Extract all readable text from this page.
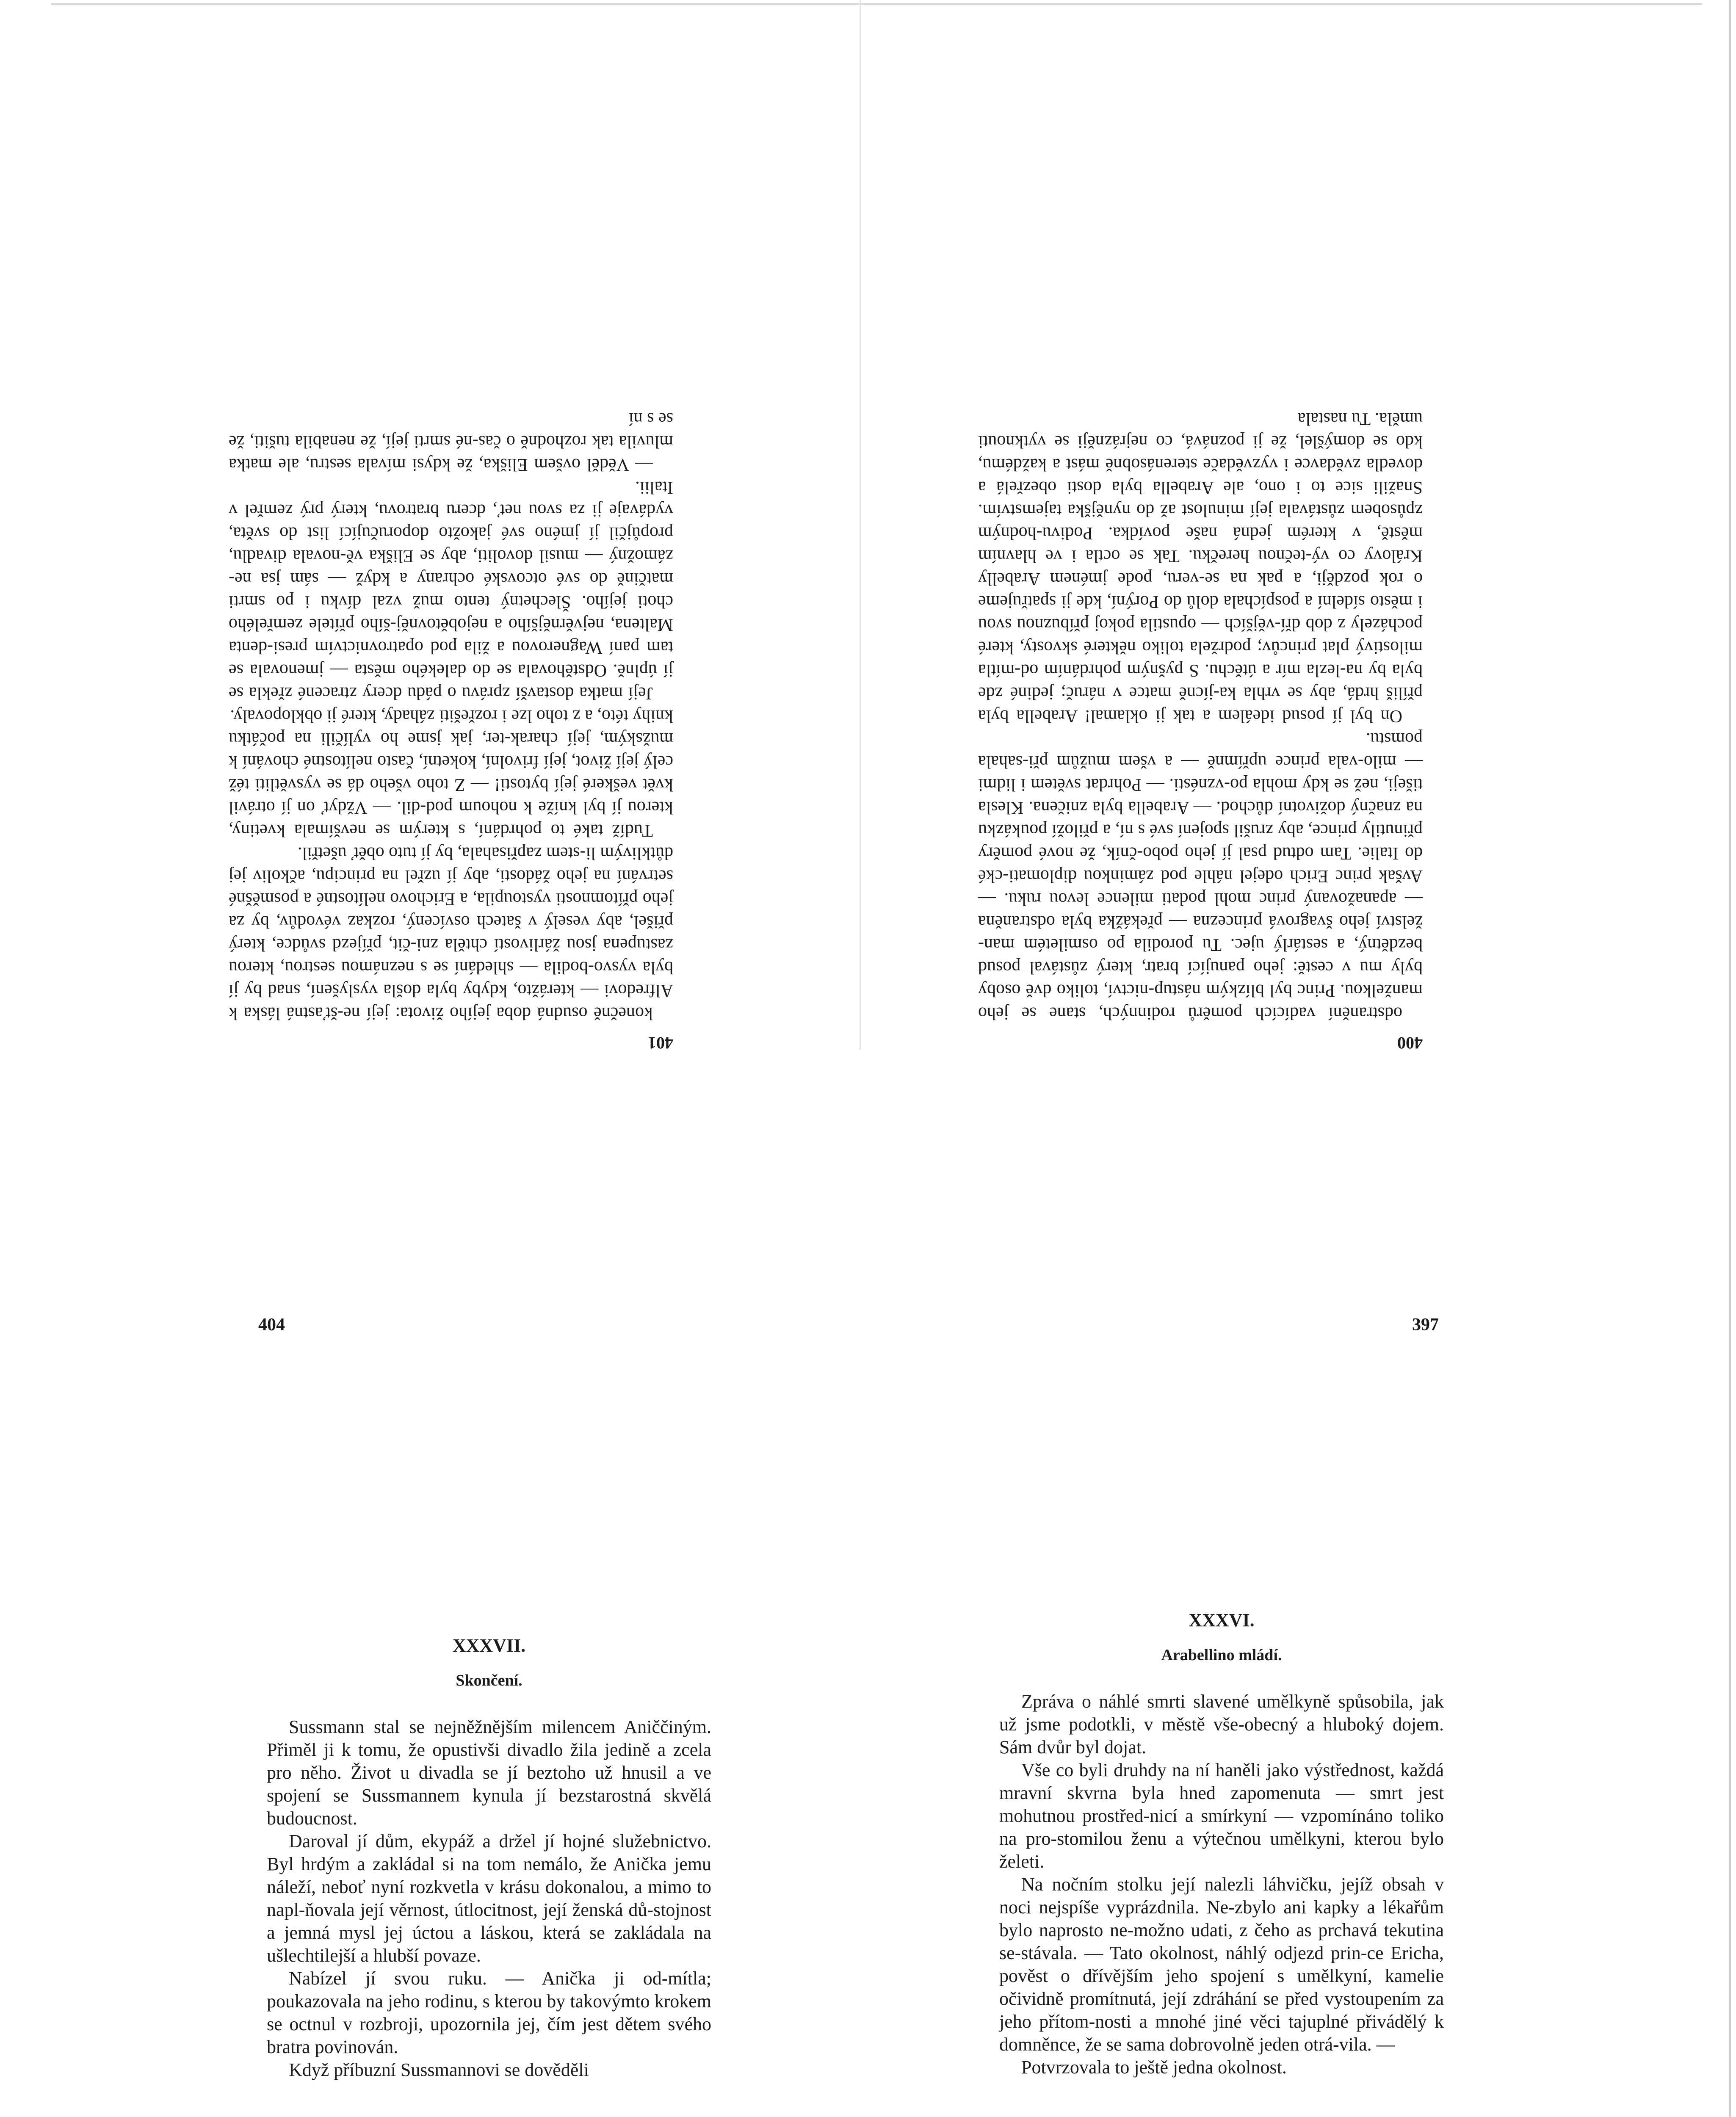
401

konečně osudná doba jejího života: její ne-šťastná láska k Alfredovi — kterážto, kdyby byla došla vyslyšení, snad by jí byla vysvo-bodila — shledání se s neznámou sestrou, kterou zastupena jsou žárlivostí chtěla zni-čit, příjezd svůdce, který přišel, aby veselý v šatech osvícený, rozkaz vévodův, by za jeho přítomnosti vystoupila, a Erichovo nelítostné a posměšné setrvání na jeho žádosti, aby jí uzřel na principu, ačkoliv jej důtklivým li-stem zapřisahala, by jí tuto oběť ušetřil.

Tudíž také to pohrdání, s kterým se nevšímala kvetiny, kterou jí byl kníže k nohoum pod-dil. — Vždyť on jí otrávil květ veškeré její bytosti! — Z toho všeho dá se vysvětliti též celý její život, její frivolní, koketní, často nelítostné chování k mužským, její charak-ter, jak jsme ho vylíčili na počátku knihy této, a z toho lze i rozřešiti záhady, které ji obklopovaly.

Její matka dostavší zprávu o pádu dcery ztracené zřekla se jí úplně. Odstěhovala se do dalekého města — jmenovala se tam paní Wagnerovou a žila pod opatrovnictvím presi-denta Maltena, nejvěrnějšího a nejobětovněj-šího přítele zemřelého choti jejího. Šlechetný tento muž vzal dívku i po smrti matčině do své otcovské ochrany a když — sám jsa ne-zámožný — musil dovoliti, aby se Eliška vě-novala divadlu, propůjčil jí jméno své jakožto doporučující list do světa, vydávaje ji za svou neť, dceru bratrovu, který prý zemřel v Italii.

— Věděl ovšem Eliška, že kdysi mívala sestru, ale matka mluvila tak rozhodně o čas-né smrti její, že nenabila tušiti, že se s ní

400

odstranění vadících poměrů rodinných, stane se jeho manželkou. Princ byl blízkým nástup-nictví, toliko dvě osoby byly mu v cestě: jeho panující bratr, který zůstával posud bezdětný, a sestárlý ujec. Tu porodila po osmiletém man-želství jeho švagrová princezna — překážka byla odstraněna — apanažovaný princ mohl podati milence levou ruku. — Avšak princ Erich odejel náhle pod záminkou diplomati-cké do Italie. Tam odtud psal jí jeho pobo-čník, že nové poměry přinutily prince, aby zrušil spojení své s ní, a přiloží poukázku na značný doživotní důchod. — Arabella byla zničena. Klesla tišeji, než se kdy mohla po-vznésti. — Pohrdat světem i lidmi — milo-vala prince upřímně — a všem mužům při-sahala pomstu.

On byl jí posud ideálem a tak ji oklamal! Arabella byla příliš hrdá, aby se vrhla ka-jícně matce v náruč; jediné zde byla by na-lezla mír a útěchu. S pyšným pohrdáním od-mítla milostivý plat princův; podržela toliko některé skvosty, které pocházely z dob dří-vějších — opustila pokoj příbuznou svou i město sídelní a pospíchala dolů do Porýní, kde ji spatřujeme o rok později, a pak na se-veru, pode jménem Arabelly Královy co vý-tečnou herečku. Tak se octla i ve hlavním městě, v kterém jedná naše povídka. Podivu-hodným způsobem zůstávala její minulost až do nynějška tajemstvím. Snažili sice to i ono, ale Arabella byla dosti obezřelá a dovedla zvědavce i vyzvědače sterenásobně mást a každému, kdo se domýšlel, že ji poznává, co nejrázněji se vytknouti uměla. Tu nastala

404	397
XXXVII.
Skončení.

Sussmann stal se nejněžnějším milencem Aniččiným. Přiměl ji k tomu, že opustivši divadlo žila jedině a zcela pro něho. Život u divadla se jí beztoho už hnusil a ve spojení se Sussmannem kynula jí bezstarostná skvělá budoucnost.

Daroval jí dům, ekypáž a držel jí hojné služebnictvo. Byl hrdým a zakládal si na tom nemálo, že Anička jemu náleží, neboť nyní rozkvetla v krásu dokonalou, a mimo to napl-ňovala její věrnost, útlocitnost, její ženská dů-stojnost a jemná mysl jej úctou a láskou, která se zakládala na ušlechtilejší a hlubší povaze.

Nabízel jí svou ruku. — Anička ji od-mítla; poukazovala na jeho rodinu, s kterou by takovýmto krokem se octnul v rozbroji, upozornila jej, čím jest dětem svého bratra povinován.

Když příbuzní Sussmannovi se dověděli

XXXVI.
Arabellino mládí.

Zpráva o náhlé smrti slavené umělkyně spůsobila, jak už jsme podotkli, v městě vše-obecný a hluboký dojem. Sám dvůr byl dojat.

Vše co byli druhdy na ní haněli jako výstřednost, každá mravní skvrna byla hned zapomenuta — smrt jest mohutnou prostřed-nicí a smírkyní — vzpomínáno toliko na pro-stomilou ženu a výtečnou umělkyni, kterou bylo želeti.

Na nočním stolku její nalezli láhvičku, jejíž obsah v noci nejspíše vyprázdnila. Ne-zbylo ani kapky a lékařům bylo naprosto ne-možno udati, z čeho as prchavá tekutina se-stávala. — Tato okolnost, náhlý odjezd prin-ce Ericha, pověst o dřívějším jeho spojení s umělkyní, kamelie očividně promítnutá, její zdráhání se před vystoupením za jeho přítom-nosti a mnohé jiné věci tajuplné přivádělý k domněnce, že se sama dobrovolně jeden otrá-vila. —

Potvrzovala to ještě jedna okolnost.
